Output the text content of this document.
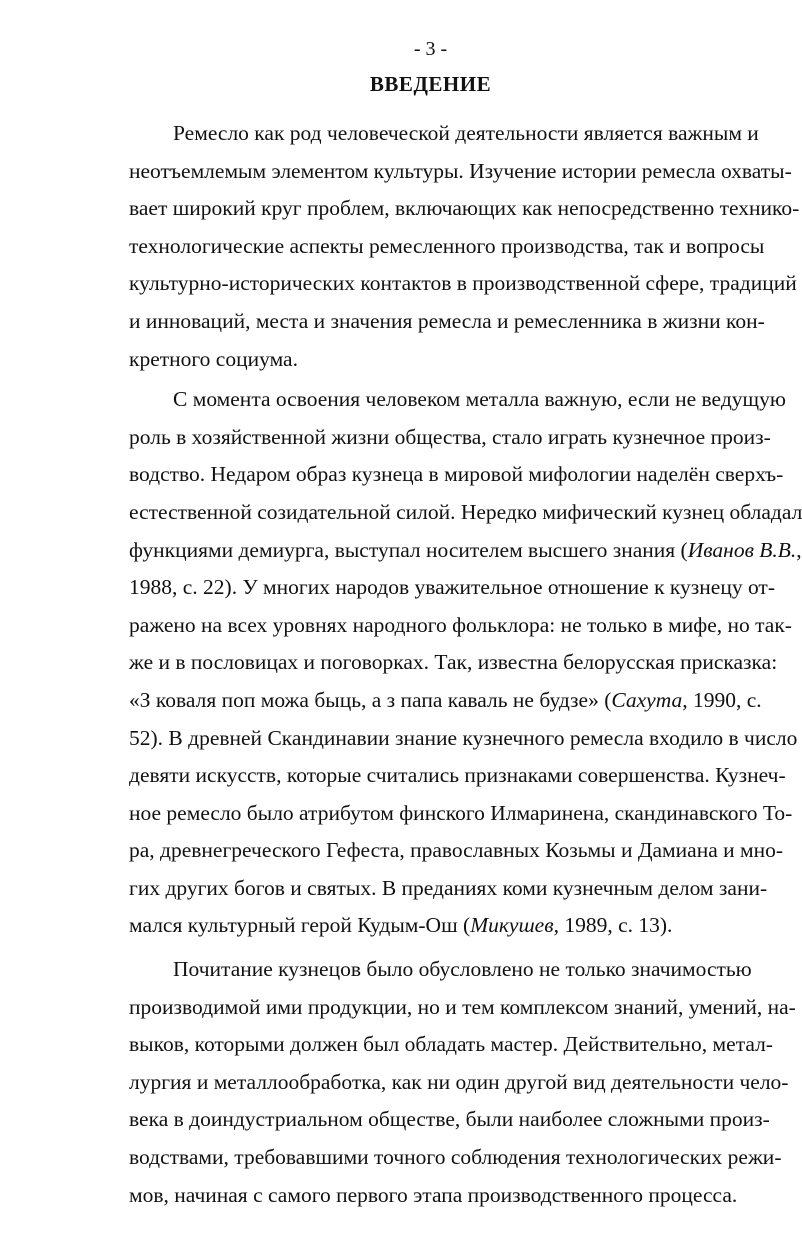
- 3 -
ВВЕДЕНИЕ

Ремесло как род человеческой деятельности является важным и
неотъемлемым элементом культуры. Изучение истории ремесла охваты-
вает широкий круг проблем, включающих как непосредственно технико-
технологические аспекты ремесленного производства, так и вопросы
культурно-исторических контактов в производственной сфере, традиций
и инноваций, места и значения ремесла и ремесленника в жизни кон-
кретного социума.

С момента освоения человеком металла важную, если не ведущую
роль в хозяйственной жизни общества, стало играть кузнечное произ-
водство. Недаром образ кузнеца в мировой мифологии наделён сверхъ-
естественной созидательной силой. Нередко мифический кузнец обладал
функциями демиурга, выступал носителем высшего знания (Иванов В.В.,
1988, с. 22). У многих народов уважительное отношение к кузнецу от-
ражено на всех уровнях народного фольклора: не только в мифе, но так-
же и в пословицах и поговорках. Так, известна белорусская присказка:
«З коваля поп можа быць, а з папа каваль не будзе» (Сахута, 1990, с.
52). В древней Скандинавии знание кузнечного ремесла входило в число
девяти искусств, которые считались признаками совершенства. Кузнеч-
ное ремесло было атрибутом финского Илмаринена, скандинавского То-
ра, древнегреческого Гефеста, православных Козьмы и Дамиана и мно-
гих других богов и святых. В преданиях коми кузнечным делом зани-
мался культурный герой Кудым-Ош (Микушев, 1989, с. 13).

Почитание кузнецов было обусловлено не только значимостью
производимой ими продукции, но и тем комплексом знаний, умений, на-
выков, которыми должен был обладать мастер. Действительно, метал-
лургия и металлообработка, как ни один другой вид деятельности чело-
века в доиндустриальном обществе, были наиболее сложными произ-
водствами, требовавшими точного соблюдения технологических режи-
мов, начиная с самого первого этапа производственного процесса.
